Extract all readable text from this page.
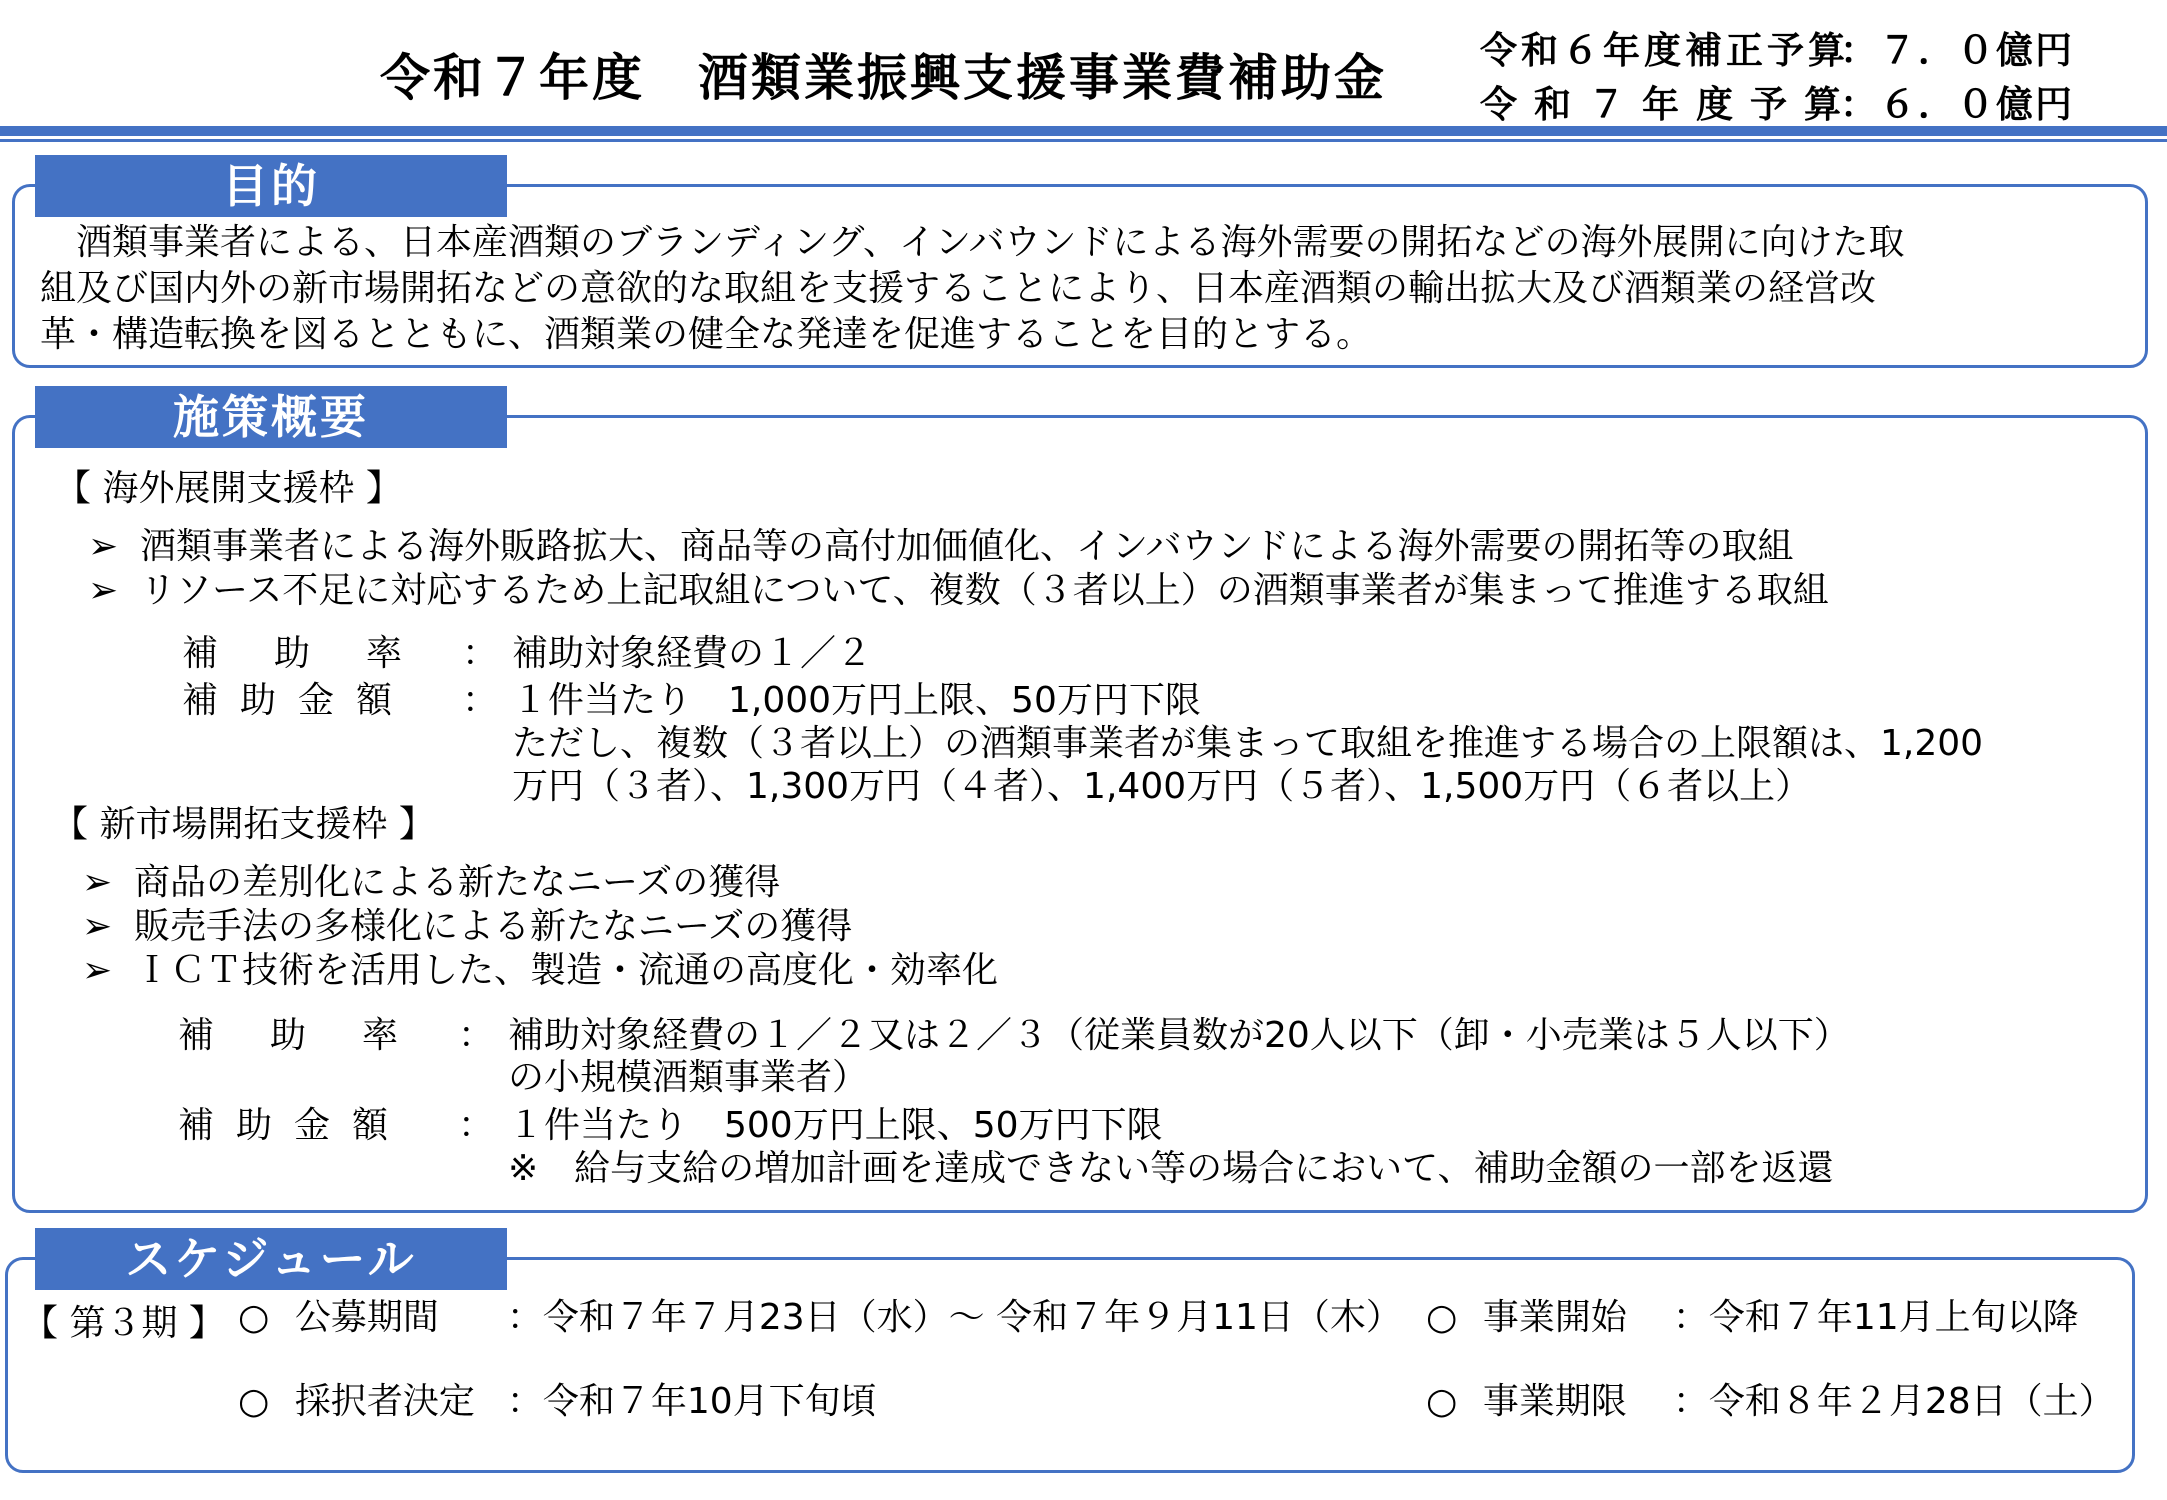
令和７年度　酒類業振興支援事業費補助金	令和６年度補正予算：７．０億円
令和７年度予算：６．０億円
目的
　酒類事業者による、日本産酒類のブランディング、インバウンドによる海外需要の開拓などの海外展開に向けた取
組及び国内外の新市場開拓などの意欲的な取組を支援することにより、日本産酒類の輸出拡大及び酒類業の経営改
革・構造転換を図るとともに、酒類業の健全な発達を促進することを目的とする。
施策概要
【 海外展開支援枠 】
➢ 酒類事業者による海外販路拡大、商品等の高付加価値化、インバウンドによる海外需要の開拓等の取組
➢ リソース不足に対応するため上記取組について、複数（３者以上）の酒類事業者が集まって推進する取組
補　助　率 ： 補助対象経費の１／２
補助金額 ： １件当たり　1,000万円上限、50万円下限
ただし、複数（３者以上）の酒類事業者が集まって取組を推進する場合の上限額は、1,200
万円（３者）、1,300万円（４者）、1,400万円（５者）、1,500万円（６者以上）
【 新市場開拓支援枠 】
➢ 商品の差別化による新たなニーズの獲得
➢ 販売手法の多様化による新たなニーズの獲得
➢ ＩＣＴ技術を活用した、製造・流通の高度化・効率化
補　助　率 ： 補助対象経費の１／２又は２／３（従業員数が20人以下（卸・小売業は５人以下）
の小規模酒類事業者）
補助金額 ： １件当たり　500万円上限、50万円下限
※　給与支給の増加計画を達成できない等の場合において、補助金額の一部を返還
スケジュール
【 第３期 】 ○ 公募期間 ：令和７年７月23日（水）～ 令和７年９月11日（木） ○ 事業開始 ：令和７年11月上旬以降
○ 採択者決定 ：令和７年10月下旬頃	○ 事業期限 ：令和８年２月28日（土）
